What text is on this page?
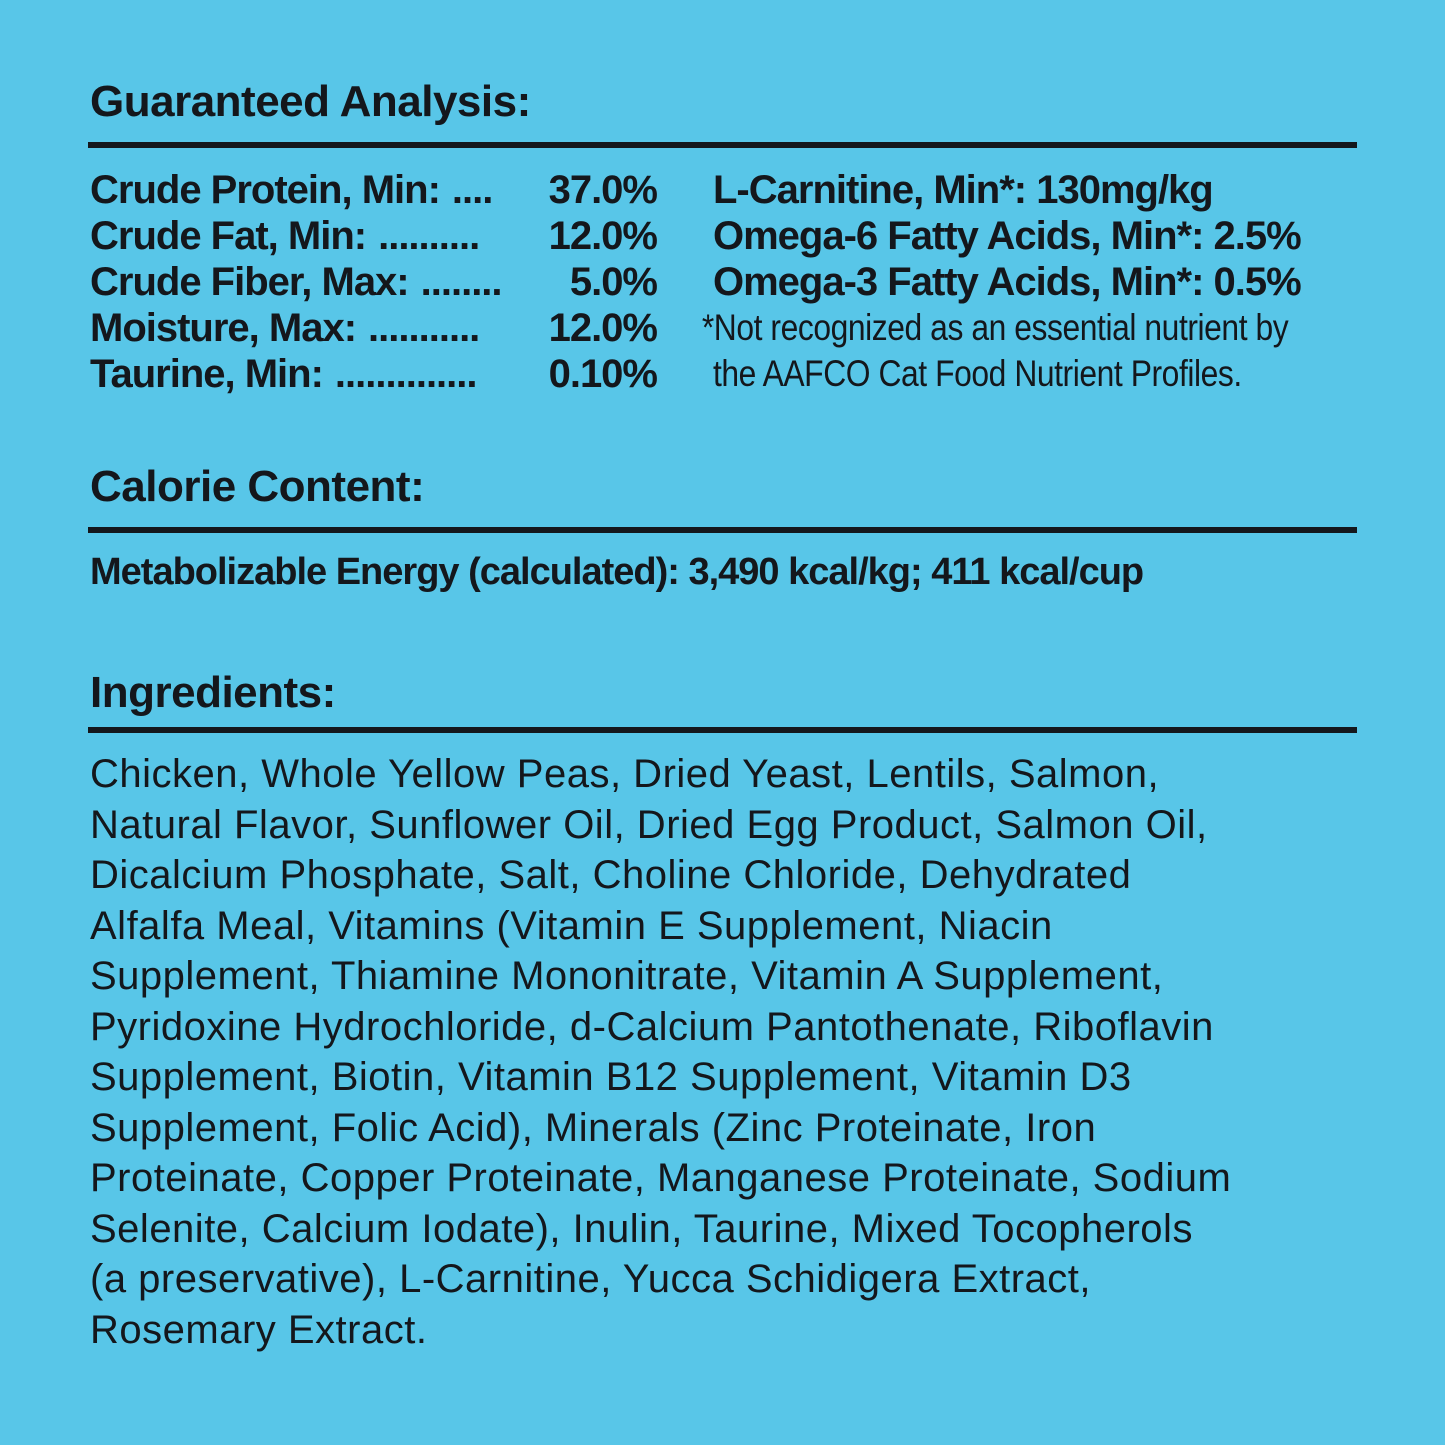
Guaranteed Analysis:
Crude Protein, Min: .... 37.0%
Crude Fat, Min: .......... 12.0%
Crude Fiber, Max: ........ 5.0%
Moisture, Max: ........... 12.0%
Taurine, Min: .............. 0.10%
L-Carnitine, Min*: 130mg/kg
Omega-6 Fatty Acids, Min*: 2.5%
Omega-3 Fatty Acids, Min*: 0.5%
*Not recognized as an essential nutrient by
the AAFCO Cat Food Nutrient Profiles.
Calorie Content:
Metabolizable Energy (calculated): 3,490 kcal/kg; 411 kcal/cup
Ingredients:
Chicken, Whole Yellow Peas, Dried Yeast, Lentils, Salmon,
Natural Flavor, Sunflower Oil, Dried Egg Product, Salmon Oil,
Dicalcium Phosphate, Salt, Choline Chloride, Dehydrated
Alfalfa Meal, Vitamins (Vitamin E Supplement, Niacin
Supplement, Thiamine Mononitrate, Vitamin A Supplement,
Pyridoxine Hydrochloride, d-Calcium Pantothenate, Riboflavin
Supplement, Biotin, Vitamin B12 Supplement, Vitamin D3
Supplement, Folic Acid), Minerals (Zinc Proteinate, Iron
Proteinate, Copper Proteinate, Manganese Proteinate, Sodium
Selenite, Calcium Iodate), Inulin, Taurine, Mixed Tocopherols
(a preservative), L-Carnitine, Yucca Schidigera Extract,
Rosemary Extract.
